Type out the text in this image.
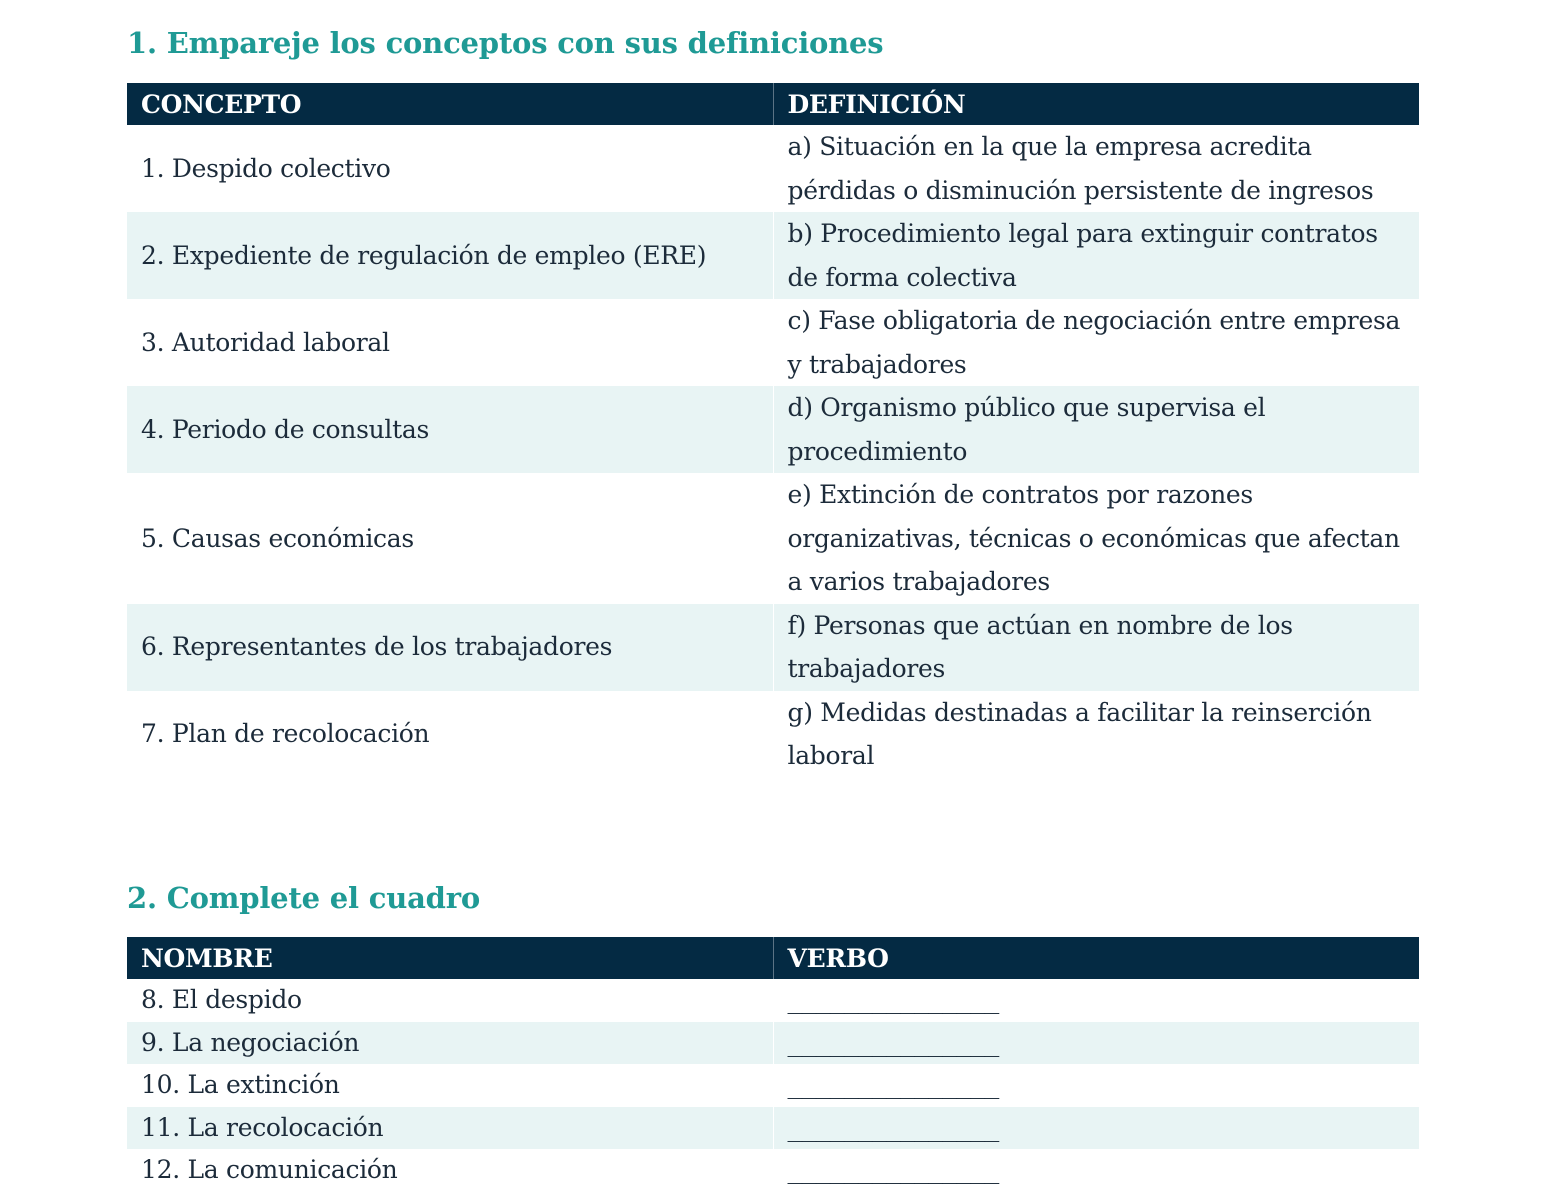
1. Empareje los conceptos con sus definiciones
CONCEPTO	DEFINICIÓN
1. Despido colectivo	a) Situación en la que la empresa acredita pérdidas o disminución persistente de ingresos
2. Expediente de regulación de empleo (ERE)	b) Procedimiento legal para extinguir contratos de forma colectiva
3. Autoridad laboral	c) Fase obligatoria de negociación entre empresa y trabajadores
4. Periodo de consultas	d) Organismo público que supervisa el procedimiento
5. Causas económicas	e) Extinción de contratos por razones organizativas, técnicas o económicas que afectan a varios trabajadores
6. Representantes de los trabajadores	f) Personas que actúan en nombre de los trabajadores
7. Plan de recolocación	g) Medidas destinadas a facilitar la reinserción laboral
2. Complete el cuadro
NOMBRE	VERBO
8. El despido	_______________
9. La negociación	_______________
10. La extinción	_______________
11. La recolocación	_______________
12. La comunicación	_______________
